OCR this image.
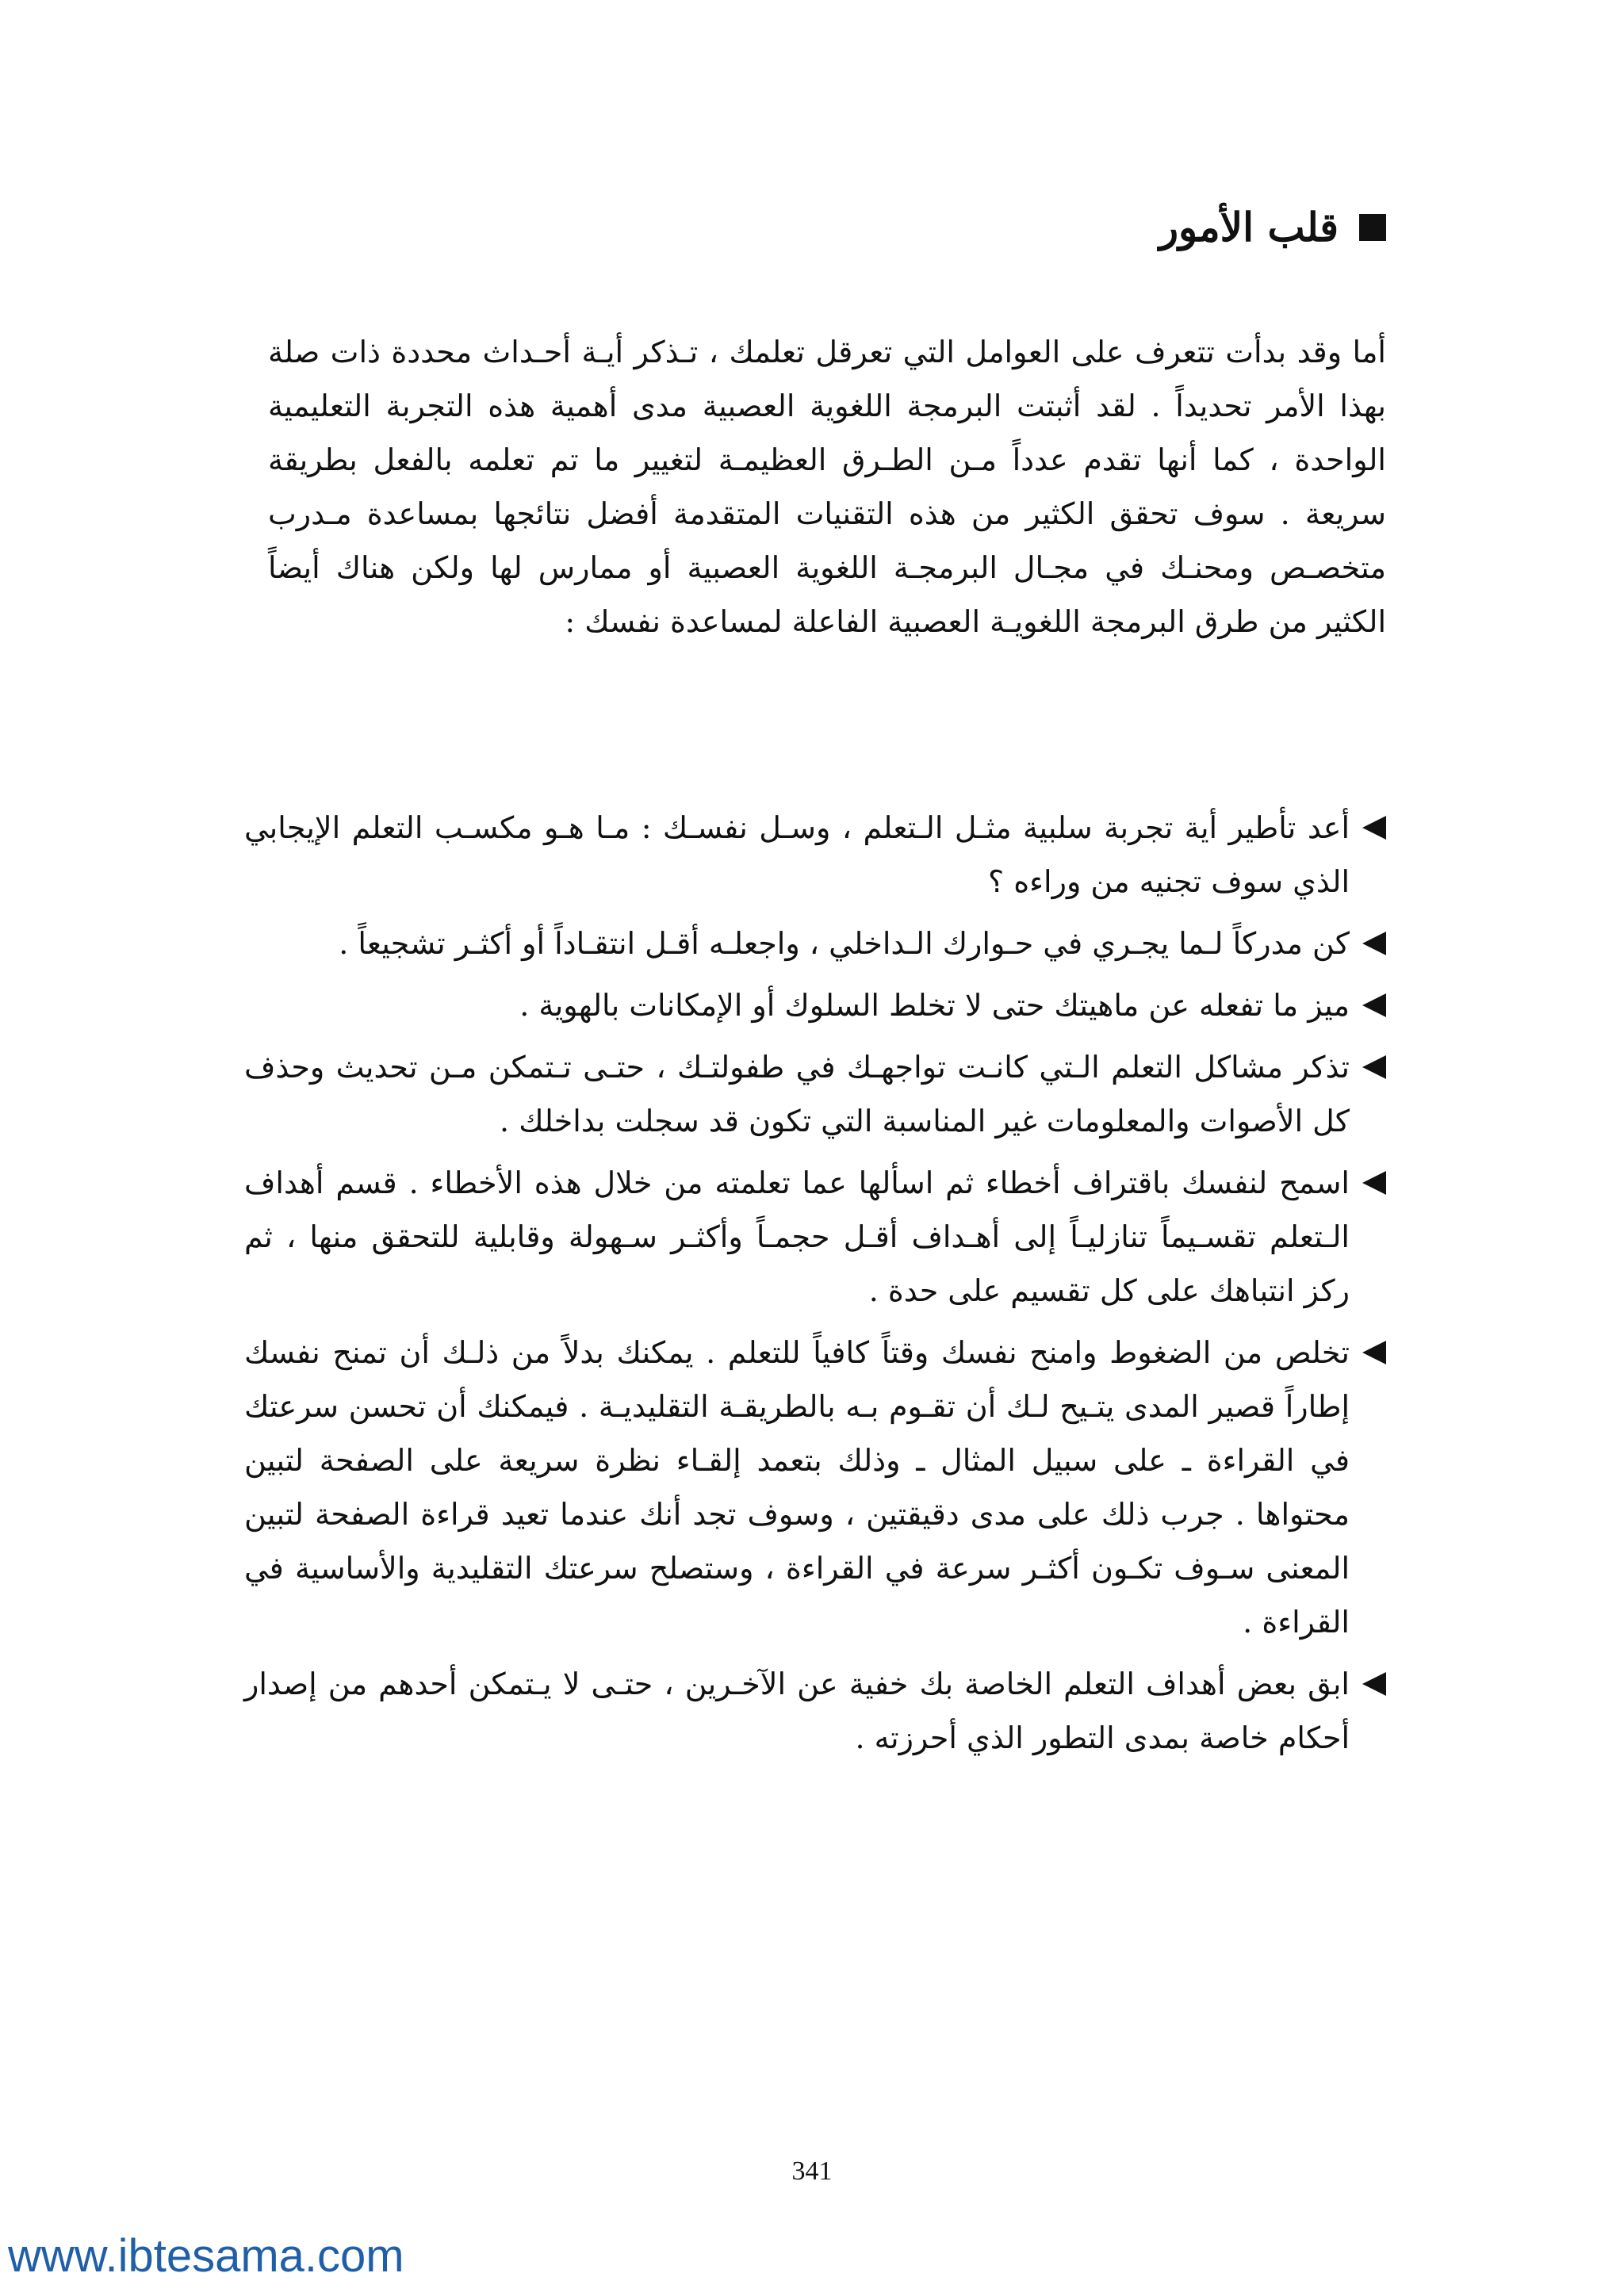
قلب الأمور

أما وقد بدأت تتعرف على العوامل التي تعرقل تعلمك ، تـذكر أيـة أحـداث محددة ذات صلة بهذا الأمر تحديداً . لقد أثبتت البرمجة اللغوية العصبية مدى أهمية هذه التجربة التعليمية الواحدة ، كما أنها تقدم عدداً مـن الطـرق العظيمـة لتغيير ما تم تعلمه بالفعل بطريقة سريعة . سوف تحقق الكثير من هذه التقنيات المتقدمة أفضل نتائجها بمساعدة مـدرب متخصـص ومحنـك في مجـال البرمجـة اللغوية العصبية أو ممارس لها ولكن هناك أيضاً الكثير من طرق البرمجة اللغويـة العصبية الفاعلة لمساعدة نفسك :

أعد تأطير أية تجربة سلبية مثـل الـتعلم ، وسـل نفسـك : مـا هـو مكسـب التعلم الإيجابي الذي سوف تجنيه من وراءه ؟
كن مدركاً لـما يجـري في حـوارك الـداخلي ، واجعلـه أقـل انتقـاداً أو أكثـر تشجيعاً .
ميز ما تفعله عن ماهيتك حتى لا تخلط السلوك أو الإمكانات بالهوية .
تذكر مشاكل التعلم الـتي كانـت تواجهـك في طفولتـك ، حتـى تـتمكن مـن تحديث وحذف كل الأصوات والمعلومات غير المناسبة التي تكون قد سجلت بداخلك .
اسمح لنفسك باقتراف أخطاء ثم اسألها عما تعلمته من خلال هذه الأخطاء . قسم أهداف الـتعلم تقسـيماً تنازليـاً إلى أهـداف أقـل حجمـاً وأكثـر سـهولة وقابلية للتحقق منها ، ثم ركز انتباهك على كل تقسيم على حدة .
تخلص من الضغوط وامنح نفسك وقتاً كافياً للتعلم . يمكنك بدلاً من ذلـك أن تمنح نفسك إطاراً قصير المدى يتـيح لـك أن تقـوم بـه بالطريقـة التقليديـة . فيمكنك أن تحسن سرعتك في القراءة ـ على سبيل المثال ـ وذلك بتعمد إلقـاء نظرة سريعة على الصفحة لتبين محتواها . جرب ذلك على مدى دقيقتين ، وسوف تجد أنك عندما تعيد قراءة الصفحة لتبين المعنى سـوف تكـون أكثـر سرعة في القراءة ، وستصلح سرعتك التقليدية والأساسية في القراءة .
ابق بعض أهداف التعلم الخاصة بك خفية عن الآخـرين ، حتـى لا يـتمكن أحدهم من إصدار أحكام خاصة بمدى التطور الذي أحرزته .
341
www.ibtesama.com
